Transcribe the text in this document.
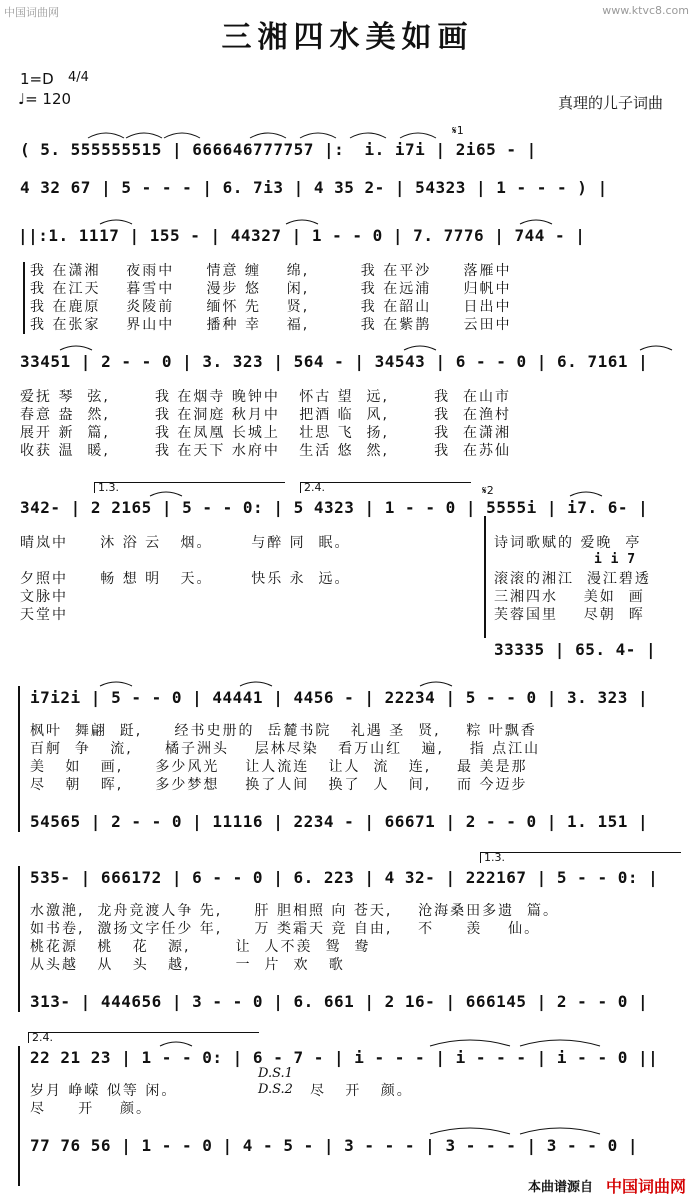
中国词曲网	www.ktvc8.com
三湘四水美如画
1=D 4/4
♩= 120	真理的儿子词曲
( 5. 555555515 | 666646777757 |:  i. i7i | 2i65 - |
𝄋1
4 32 67 | 5 - - - | 6. 7i3 | 4 35 2- | 54323 | 1 - - - ) |
||:1. 1117 | 155 - | 44327 | 1 - - 0 | 7. 7776 | 744 - |
我 在潇湘    夜雨中     情意 缠    绵,        我 在平沙     落雁中
我 在江天    暮雪中     漫步 悠    闲,        我 在远浦     归帆中
我 在鹿原    炎陵前     缅怀 先    贤,        我 在韶山     日出中
我 在张家    界山中     播种 幸    福,        我 在紫鹊     云田中
33451 | 2 - - 0 | 3. 323 | 564 - | 34543 | 6 - - 0 | 6. 7161 |
爱抚 琴  弦,       我 在烟寺 晚钟中   怀古 望  远,       我  在山市
春意 盎  然,       我 在洞庭 秋月中   把酒 临  风,       我  在渔村
展开 新  篇,       我 在凤凰 长城上   壮思 飞  扬,       我  在潇湘
收获 温  暖,       我 在天下 水府中   生活 悠  然,       我  在苏仙
1.3.	2.4.	𝄋2
342- | 2 2165 | 5 - - 0: | 5 4323 | 1 - - 0 | 5555i | i7. 6- |
晴岚中     沐 浴 云   烟。      与醉 同  眠。
夕照中     畅 想 明   天。      快乐 永  远。
文脉中
天堂中
诗词歌赋的 爱晚  亭
i i 7
滚滚的湘江  漫江碧透
三湘四水    美如  画
芙蓉国里    尽朝  晖
33335 | 65. 4- |
i7i2i | 5 - - 0 | 44441 | 4456 - | 22234 | 5 - - 0 | 3. 323 |
枫叶  舞翩  跹,     经书史册的  岳麓书院   礼遇 圣  贤,    粽 叶飘香
百舸  争   流,     橘子洲头    层林尽染   看万山红   遍,    指 点江山
美   如   画,     多少风光    让人流连   让人  流   连,    最 美是那
尽   朝   晖,     多少梦想    换了人间   换了  人   间,    而 今迈步
54565 | 2 - - 0 | 11116 | 2234 - | 66671 | 2 - - 0 | 1. 151 |
1.3.
535- | 666172 | 6 - - 0 | 6. 223 | 4 32- | 222167 | 5 - - 0: |
水激滟,  龙舟竞渡人争 先,     肝 胆相照 向 苍天,    沧海桑田多遗  篇。
如书卷,  激扬文字任少 年,     万 类霜天 竞 自由,    不     羡    仙。
桃花源   桃   花   源,       让  人不羡  鸳  鸯
从头越   从   头   越,       一  片  欢   歌
313- | 444656 | 3 - - 0 | 6. 661 | 2 16- | 666145 | 2 - - 0 |
2.4.
22 21 23 | 1 - - 0: | 6 - 7 - | i - - - | i - - - | i - - 0 ||
D.S.1
岁月 峥嵘 似等 闲。	D.S.2 尽   开   颜。
尽     开    颜。
77 76 56 | 1 - - 0 | 4 - 5 - | 3 - - - | 3 - - - | 3 - - 0 |
本曲谱源自 中国词曲网
